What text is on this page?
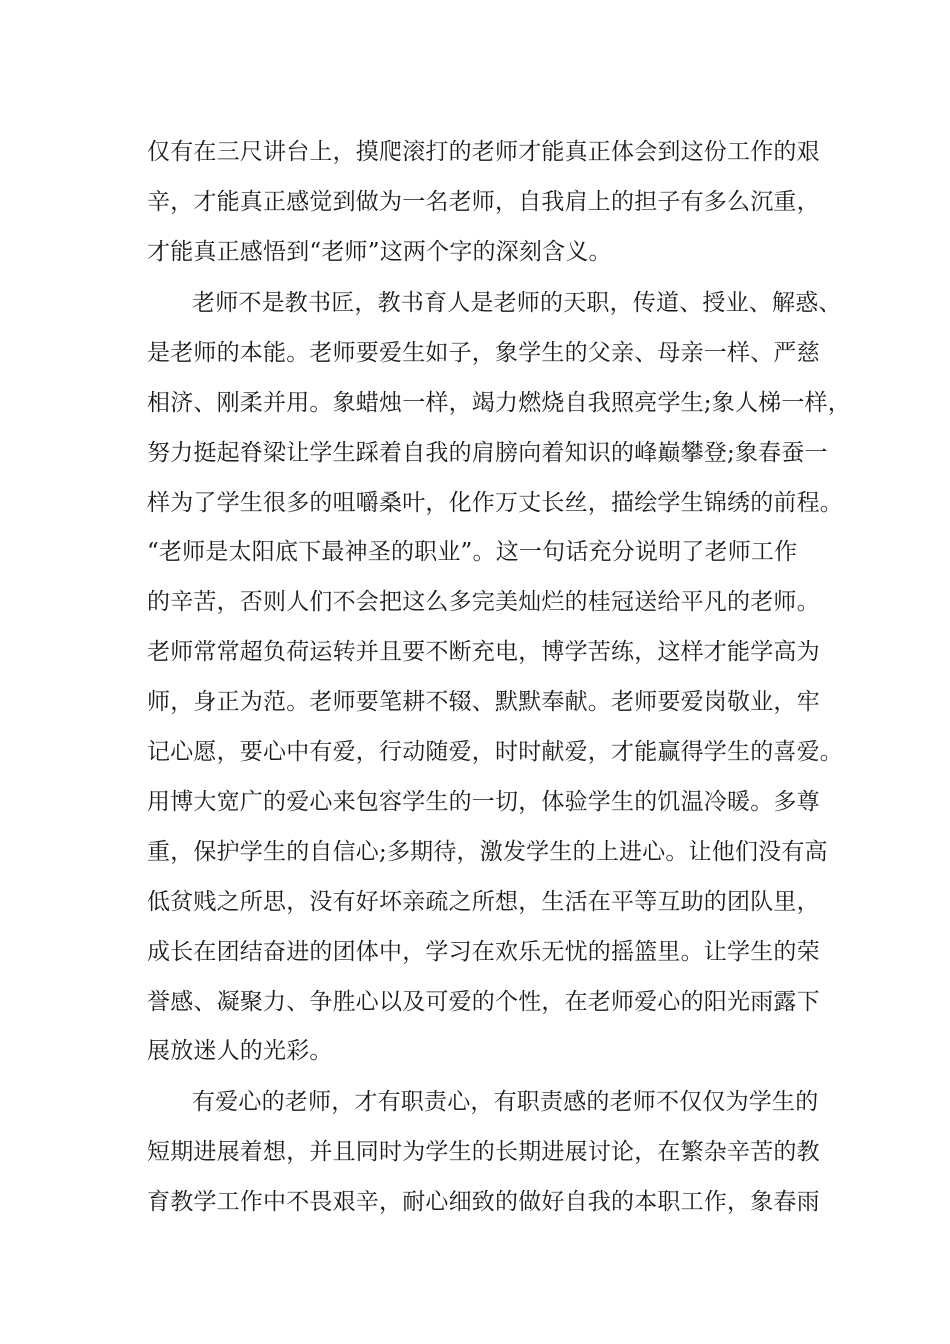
仅有在三尺讲台上，摸爬滚打的老师才能真正体会到这份工作的艰
辛，才能真正感觉到做为一名老师，自我肩上的担子有多么沉重，
才能真正感悟到“老师”这两个字的深刻含义。
老师不是教书匠，教书育人是老师的天职，传道、授业、解惑、
是老师的本能。老师要爱生如子，象学生的父亲、母亲一样、严慈
相济、刚柔并用。象蜡烛一样，竭力燃烧自我照亮学生;象人梯一样，
努力挺起脊梁让学生踩着自我的肩膀向着知识的峰巅攀登;象春蚕一
样为了学生很多的咀嚼桑叶，化作万丈长丝，描绘学生锦绣的前程。
“老师是太阳底下最神圣的职业”。这一句话充分说明了老师工作
的辛苦，否则人们不会把这么多完美灿烂的桂冠送给平凡的老师。
老师常常超负荷运转并且要不断充电，博学苦练，这样才能学高为
师，身正为范。老师要笔耕不辍、默默奉献。老师要爱岗敬业，牢
记心愿，要心中有爱，行动随爱，时时献爱，才能赢得学生的喜爱。
用博大宽广的爱心来包容学生的一切，体验学生的饥温冷暖。多尊
重，保护学生的自信心;多期待，激发学生的上进心。让他们没有高
低贫贱之所思，没有好坏亲疏之所想，生活在平等互助的团队里，
成长在团结奋进的团体中，学习在欢乐无忧的摇篮里。让学生的荣
誉感、凝聚力、争胜心以及可爱的个性，在老师爱心的阳光雨露下
展放迷人的光彩。
有爱心的老师，才有职责心，有职责感的老师不仅仅为学生的
短期进展着想，并且同时为学生的长期进展讨论，在繁杂辛苦的教
育教学工作中不畏艰辛，耐心细致的做好自我的本职工作，象春雨
